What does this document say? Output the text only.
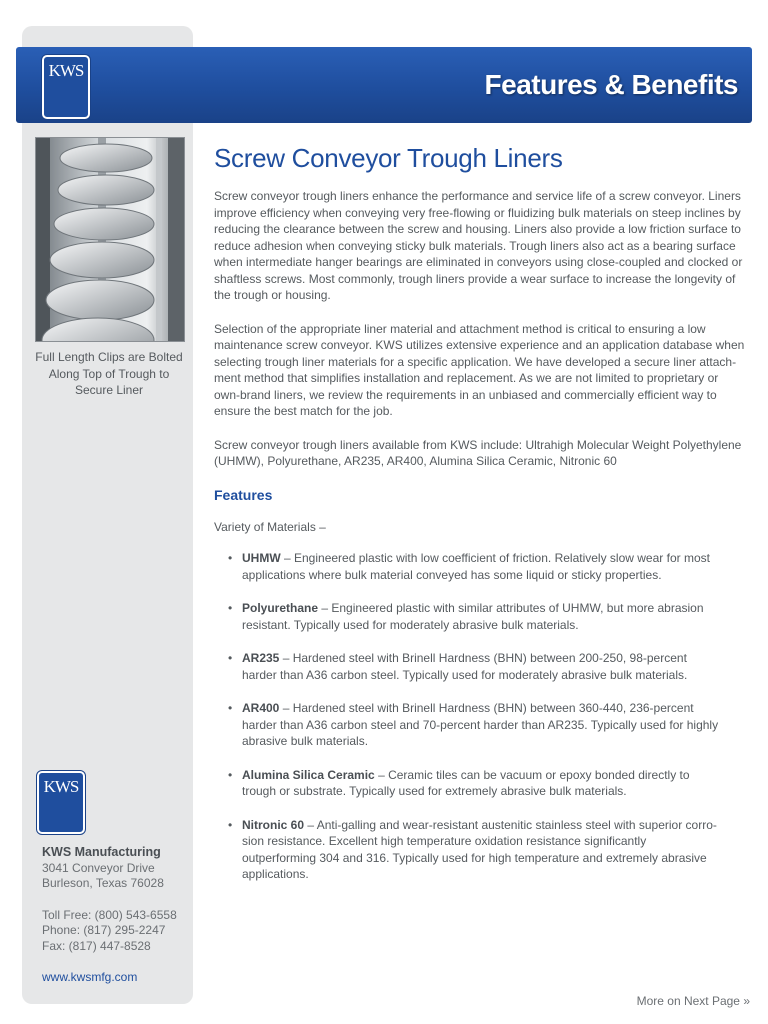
KWS	Features & Benefits
Full Length Clips are Bolted Along Top of Trough to Secure Liner
KWS
KWS Manufacturing
3041 Conveyor Drive
Burleson, Texas 76028
Toll Free: (800) 543-6558
Phone: (817) 295-2247
Fax: (817) 447-8528
www.kwsmfg.com
Screw Conveyor Trough Liners

Screw conveyor trough liners enhance the performance and service life of a screw conveyor. Liners improve efficiency when conveying very free-flowing or fluidizing bulk materials on steep inclines by reducing the clearance between the screw and housing. Liners also provide a low friction surface to reduce adhesion when conveying sticky bulk materials. Trough liners also act as a bearing surface when intermediate hanger bearings are eliminated in conveyors using close-coupled and clocked or shaftless screws. Most commonly, trough liners provide a wear surface to increase the longevity of the trough or housing.

Selection of the appropriate liner material and attachment method is critical to ensuring a low maintenance screw conveyor. KWS utilizes extensive experience and an application database when selecting trough liner materials for a specific application. We have developed a secure liner attach-ment method that simplifies installation and replacement. As we are not limited to proprietary or own-brand liners, we review the requirements in an unbiased and commercially efficient way to ensure the best match for the job.

Screw conveyor trough liners available from KWS include: Ultrahigh Molecular Weight Polyethylene (UHMW), Polyurethane, AR235, AR400, Alumina Silica Ceramic, Nitronic 60

Features
Variety of Materials –
• UHMW – Engineered plastic with low coefficient of friction. Relatively slow wear for most applications where bulk material conveyed has some liquid or sticky properties.
• Polyurethane – Engineered plastic with similar attributes of UHMW, but more abrasion resistant. Typically used for moderately abrasive bulk materials.
• AR235 – Hardened steel with Brinell Hardness (BHN) between 200-250, 98-percent harder than A36 carbon steel. Typically used for moderately abrasive bulk materials.
• AR400 – Hardened steel with Brinell Hardness (BHN) between 360-440, 236-percent harder than A36 carbon steel and 70-percent harder than AR235. Typically used for highly abrasive bulk materials.
• Alumina Silica Ceramic – Ceramic tiles can be vacuum or epoxy bonded directly to trough or substrate. Typically used for extremely abrasive bulk materials.
• Nitronic 60 – Anti-galling and wear-resistant austenitic stainless steel with superior corro-sion resistance. Excellent high temperature oxidation resistance significantly outperforming 304 and 316. Typically used for high temperature and extremely abrasive applications.
More on Next Page »
